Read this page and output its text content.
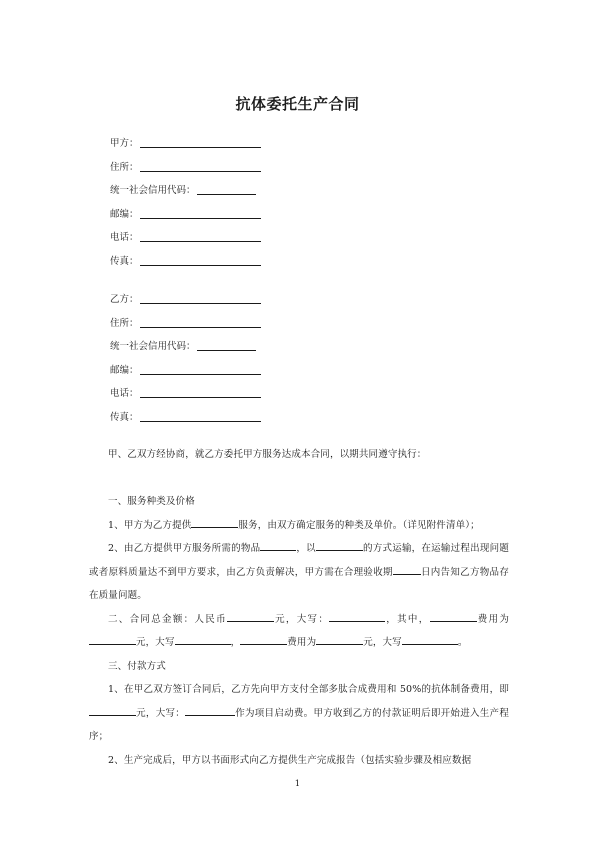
抗体委托生产合同
甲方：
住所：
统一社会信用代码：
邮编：
电话：
传真：
乙方：
住所：
统一社会信用代码：
邮编：
电话：
传真：

甲、乙双方经协商，就乙方委托甲方服务达成本合同，以期共同遵守执行：

一、服务种类及价格

1、甲方为乙方提供	服务，由双方确定服务的种类及单价。（详见附件清单）；

2、由乙方提供甲方服务所需的物品	，以	的方式运输，在运输过程出现问题或者原料质量达不到甲方要求，由乙方负责解决，甲方需在合理验收期	日内告知乙方物品存在质量问题。

二、合同总金额：人民币	元，大写：	，其中，	费用为元，大写	，	费用为	元，大写	。

三、付款方式

1、在甲乙双方签订合同后，乙方先向甲方支付全部多肽合成费用和 50%的抗体制备费用，即元，大写：	作为项目启动费。甲方收到乙方的付款证明后即开始进入生产程序；

2、生产完成后，甲方以书面形式向乙方提供生产完成报告（包括实验步骤及相应数据

1
